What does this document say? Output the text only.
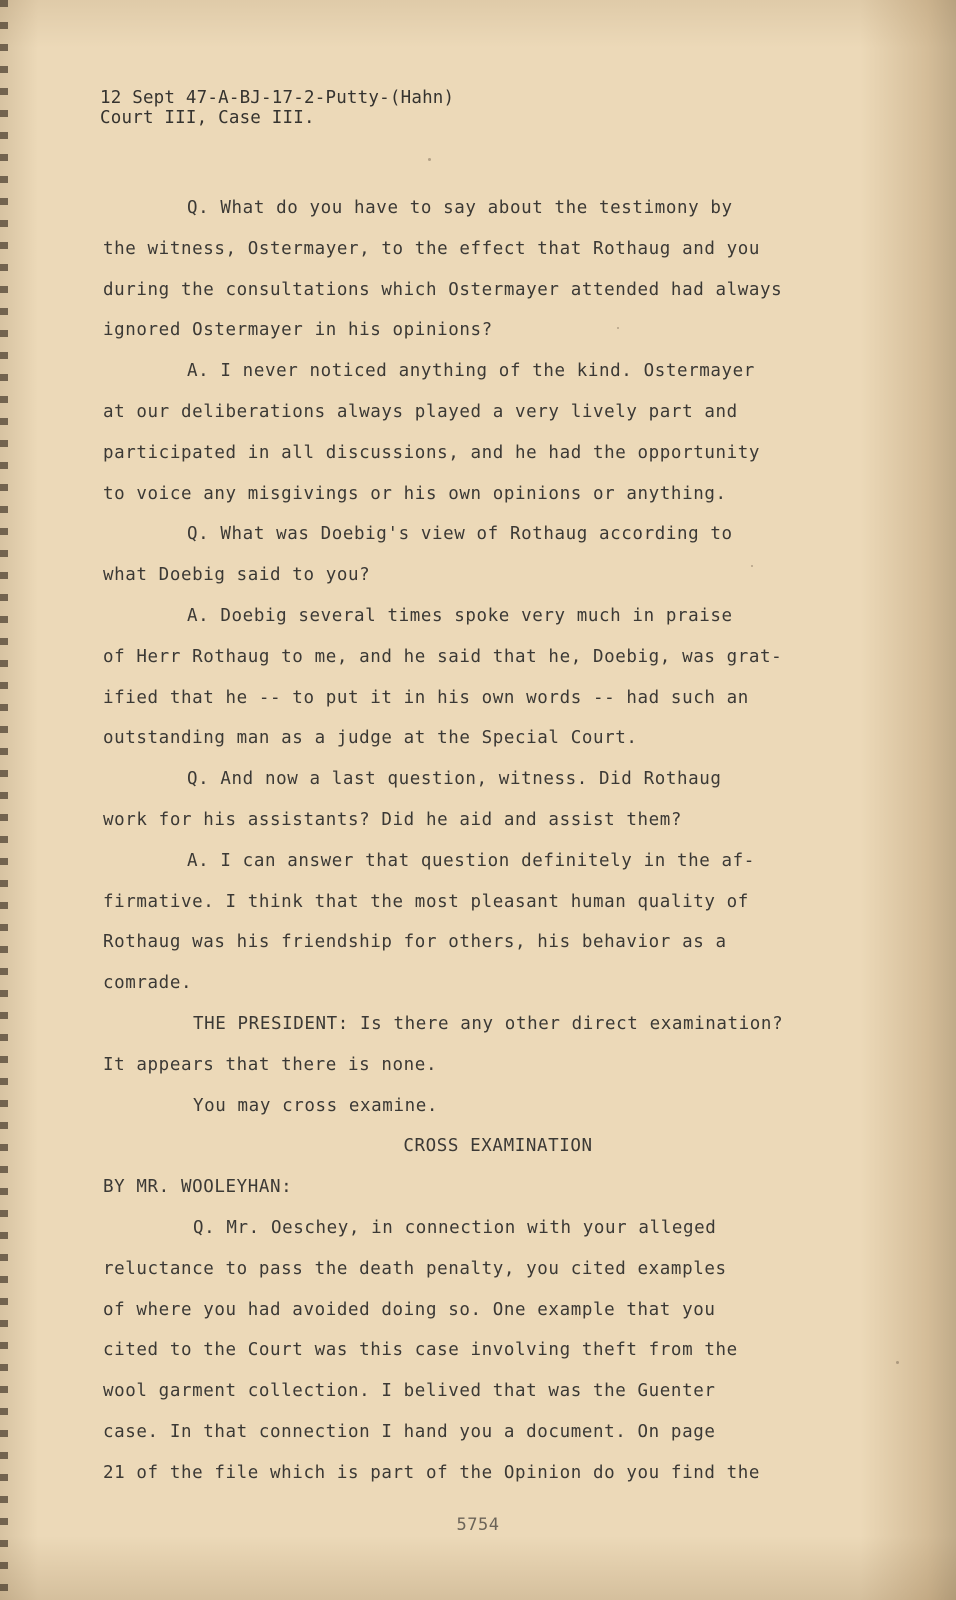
12 Sept 47-A-BJ-17-2-Putty-(Hahn)
Court III, Case III.

Q. What do you have to say about the testimony by

the witness, Ostermayer, to the effect that Rothaug and you

during the consultations which Ostermayer attended had always

ignored Ostermayer in his opinions?

A. I never noticed anything of the kind. Ostermayer

at our deliberations always played a very lively part and

participated in all discussions, and he had the opportunity

to voice any misgivings or his own opinions or anything.

Q. What was Doebig's view of Rothaug according to

what Doebig said to you?

A. Doebig several times spoke very much in praise

of Herr Rothaug to me, and he said that he, Doebig, was grat-

ified that he -- to put it in his own words -- had such an

outstanding man as a judge at the Special Court.

Q. And now a last question, witness. Did Rothaug

work for his assistants? Did he aid and assist them?

A. I can answer that question definitely in the af-

firmative. I think that the most pleasant human quality of

Rothaug was his friendship for others, his behavior as a

comrade.

THE PRESIDENT: Is there any other direct examination?

It appears that there is none.

You may cross examine.

CROSS EXAMINATION

BY MR. WOOLEYHAN:

Q. Mr. Oeschey, in connection with your alleged

reluctance to pass the death penalty, you cited examples

of where you had avoided doing so. One example that you

cited to the Court was this case involving theft from the

wool garment collection. I belived that was the Guenter

case. In that connection I hand you a document. On page

21 of the file which is part of the Opinion do you find the

5754
